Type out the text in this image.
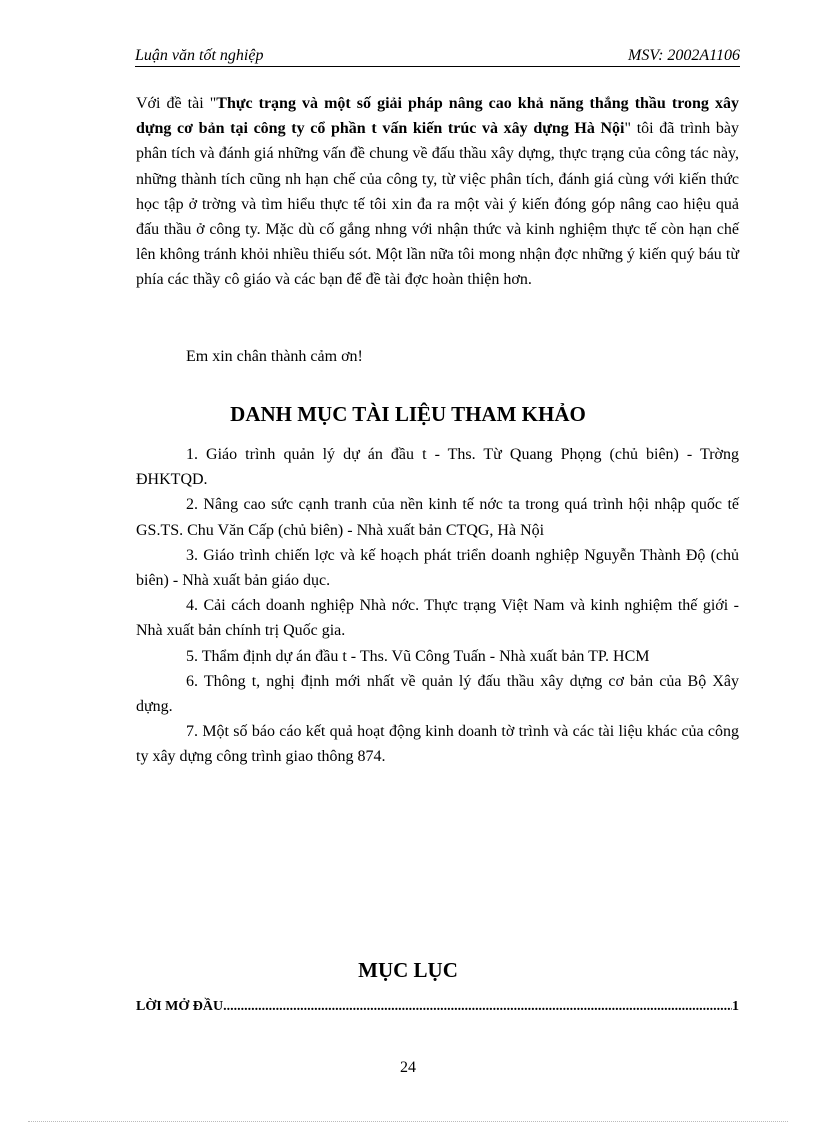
Luận văn tốt nghiệp	MSV: 2002A1106
Với đề tài "Thực trạng và một số giải pháp nâng cao khả năng thắng thầu trong xây dựng cơ bản tại công ty cổ phần t vấn kiến trúc và xây dựng Hà Nội" tôi đã trình bày phân tích và đánh giá những vấn đề chung về đấu thầu xây dựng, thực trạng của công tác này, những thành tích cũng nh hạn chế của công ty, từ việc phân tích, đánh giá cùng với kiến thức học tập ở trờng và tìm hiểu thực tế tôi xin đa ra một vài ý kiến đóng góp nâng cao hiệu quả đấu thầu ở công ty. Mặc dù cố gắng nhng với nhận thức và kinh nghiệm thực tế còn hạn chế lên không tránh khỏi nhiều thiếu sót. Một lần nữa tôi mong nhận đợc những ý kiến quý báu từ phía các thầy cô giáo và các bạn để đề tài đợc hoàn thiện hơn.
Em xin chân thành cảm ơn!
DANH MỤC TÀI LIỆU THAM KHẢO

1. Giáo trình quản lý dự án đầu t - Ths. Từ Quang Phọng (chủ biên) - Trờng ĐHKTQD.

2. Nâng cao sức cạnh tranh của nền kinh tế nớc ta trong quá trình hội nhập quốc tế GS.TS. Chu Văn Cấp (chủ biên) - Nhà xuất bản CTQG, Hà Nội

3. Giáo trình chiến lợc và kế hoạch phát triển doanh nghiệp Nguyễn Thành Độ (chủ biên) - Nhà xuất bản giáo dục.

4. Cải cách doanh nghiệp Nhà nớc. Thực trạng Việt Nam và kinh nghiệm thế giới - Nhà xuất bản chính trị Quốc gia.

5. Thẩm định dự án đầu t - Ths. Vũ Công Tuấn - Nhà xuất bản TP. HCM

6. Thông t, nghị định mới nhất về quản lý đấu thầu xây dựng cơ bản của Bộ Xây dựng.

7. Một số báo cáo kết quả hoạt động kinh doanh tờ trình và các tài liệu khác của công ty xây dựng công trình giao thông 874.

MỤC LỤC
LỜI MỞ ĐẦU
.....	1
24
